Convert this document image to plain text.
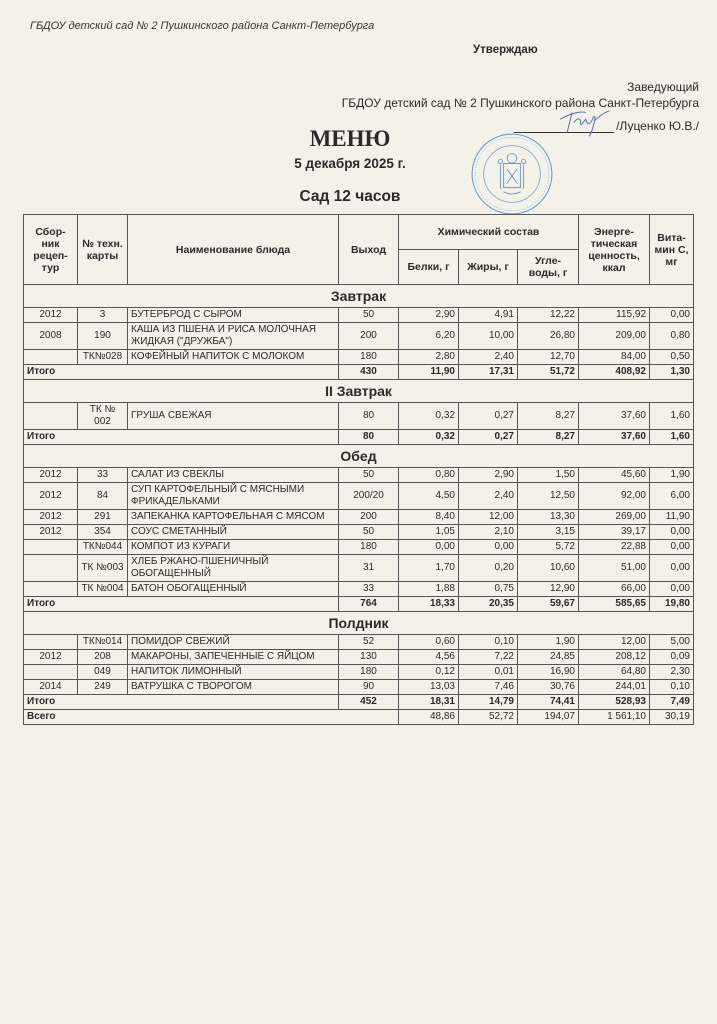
ГБДОУ детский сад № 2 Пушкинского района Санкт-Петербурга
Утверждаю
Заведующий
ГБДОУ детский сад № 2 Пушкинского района Санкт-Петербурга
/Луценко Ю.В./
МЕНЮ
5 декабря 2025 г.
Сад 12 часов
Сбор-ник рецеп-тур	№ техн. карты	Наименование блюда	Выход	Химический состав			Энерге-тическая ценность, ккал	Вита-мин С, мг
				Белки, г	Жиры, г	Угле-воды, г		
Завтрак								
2012	3	БУТЕРБРОД С СЫРОМ	50	2,90	4,91	12,22	115,92	0,00
2008	190	КАША ИЗ ПШЕНА И РИСА МОЛОЧНАЯ ЖИДКАЯ ("ДРУЖБА")	200	6,20	10,00	26,80	209,00	0,80
	ТК№028	КОФЕЙНЫЙ НАПИТОК С МОЛОКОМ	180	2,80	2,40	12,70	84,00	0,50
Итого			430	11,90	17,31	51,72	408,92	1,30
II Завтрак								
	ТК № 002	ГРУША СВЕЖАЯ	80	0,32	0,27	8,27	37,60	1,60
Итого			80	0,32	0,27	8,27	37,60	1,60
Обед								
2012	33	САЛАТ ИЗ СВЕКЛЫ	50	0,80	2,90	1,50	45,60	1,90
2012	84	СУП КАРТОФЕЛЬНЫЙ С МЯСНЫМИ ФРИКАДЕЛЬКАМИ	200/20	4,50	2,40	12,50	92,00	6,00
2012	291	ЗАПЕКАНКА КАРТОФЕЛЬНАЯ С МЯСОМ	200	8,40	12,00	13,30	269,00	11,90
2012	354	СОУС СМЕТАННЫЙ	50	1,05	2,10	3,15	39,17	0,00
	ТК№044	КОМПОТ ИЗ КУРАГИ	180	0,00	0,00	5,72	22,88	0,00
	ТК №003	ХЛЕБ РЖАНО-ПШЕНИЧНЫЙ ОБОГАЩЕННЫЙ	31	1,70	0,20	10,60	51,00	0,00
	ТК №004	БАТОН ОБОГАЩЕННЫЙ	33	1,88	0,75	12,90	66,00	0,00
Итого			764	18,33	20,35	59,67	585,65	19,80
Полдник								
	ТК№014	ПОМИДОР СВЕЖИЙ	52	0,60	0,10	1,90	12,00	5,00
2012	208	МАКАРОНЫ, ЗАПЕЧЕННЫЕ С ЯЙЦОМ	130	4,56	7,22	24,85	208,12	0,09
	049	НАПИТОК ЛИМОННЫЙ	180	0,12	0,01	16,90	64,80	2,30
2014	249	ВАТРУШКА С ТВОРОГОМ	90	13,03	7,46	30,76	244,01	0,10
Итого			452	18,31	14,79	74,41	528,93	7,49
Всего				48,86	52,72	194,07	1 561,10	30,19
